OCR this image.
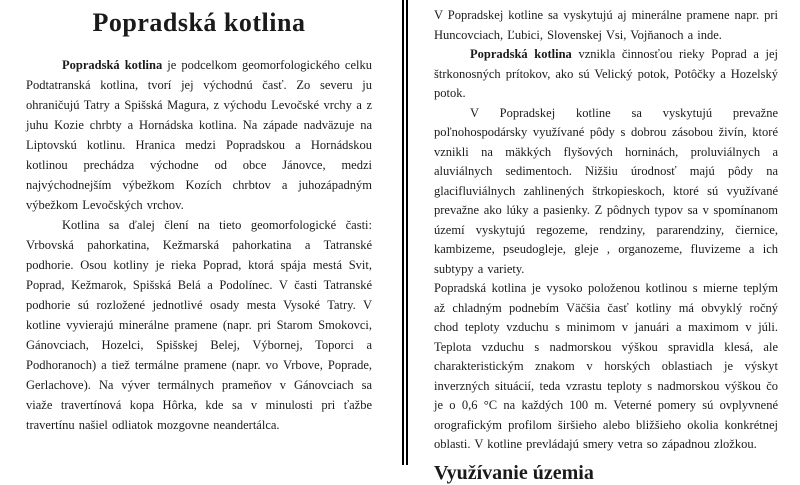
Popradská kotlina

Popradská kotlina je podcelkom geomorfologického celku Podtatranská kotlina, tvorí jej východnú časť. Zo severu ju ohraničujú Tatry a Spišská Magura, z východu Levočské vrchy a z juhu Kozie chrbty a Hornádska kotlina. Na západe nadväzuje na Liptovskú kotlinu. Hranica medzi Popradskou a Hornádskou kotlinou prechádza východne od obce Jánovce, medzi najvýchodnejším výbežkom Kozích chrbtov a juhozápadným výbežkom Levočských vrchov.

Kotlina sa ďalej člení na tieto geomorfologické časti: Vrbovská pahorkatina, Kežmarská pahorkatina a Tatranské podhorie. Osou kotliny je rieka Poprad, ktorá spája mestá Svit, Poprad, Kežmarok, Spišská Belá a Podolínec. V časti Tatranské podhorie sú rozložené jednotlivé osady mesta Vysoké Tatry. V kotline vyvierajú minerálne pramene (napr. pri Starom Smokovci, Gánovciach, Hozelci, Spišskej Belej, Výbornej, Toporci a Podhoranoch) a tiež termálne pramene (napr. vo Vrbove, Poprade, Gerlachove). Na výver termálnych prameňov v Gánovciach sa viaže travertínová kopa Hôrka, kde sa v minulosti pri ťažbe travertínu našiel odliatok mozgovne neandertálca.

V Popradskej kotline sa vyskytujú aj minerálne pramene napr. pri Huncovciach, Ľubici, Slovenskej Vsi, Vojňanoch a inde.

Popradská kotlina vznikla činnosťou rieky Poprad a jej štrkonosných prítokov, ako sú Velický potok, Potôčky a Hozelský potok.

V Popradskej kotline sa vyskytujú prevažne poľnohospodársky využívané pôdy s dobrou zásobou živín, ktoré vznikli na mäkkých flyšových horninách, proluviálnych a aluviálnych sedimentoch. Nižšiu úrodnosť majú pôdy na glacifluviálnych zahlinených štrkopieskoch, ktoré sú využívané prevažne ako lúky a pasienky. Z pôdnych typov sa v spomínanom území vyskytujú regozeme, rendziny, pararendziny, čiernice, kambizeme, pseudogleje, gleje , organozeme, fluvizeme a ich subtypy a variety.

Popradská kotlina je vysoko položenou kotlinou s mierne teplým až chladným podnebím Väčšia časť kotliny má obvyklý ročný chod teploty vzduchu s minimom v januári a maximom v júli. Teplota vzduchu s nadmorskou výškou spravidla klesá, ale charakteristickým znakom v horských oblastiach je výskyt inverzných situácií, teda vzrastu teploty s nadmorskou výškou čo je o 0,6 °C na každých 100 m. Veterné pomery sú ovplyvnené orografickým profilom širšieho alebo bližšieho okolia konkrétnej oblasti. V kotline prevládajú smery vetra so západnou zložkou.

Využívanie územia
